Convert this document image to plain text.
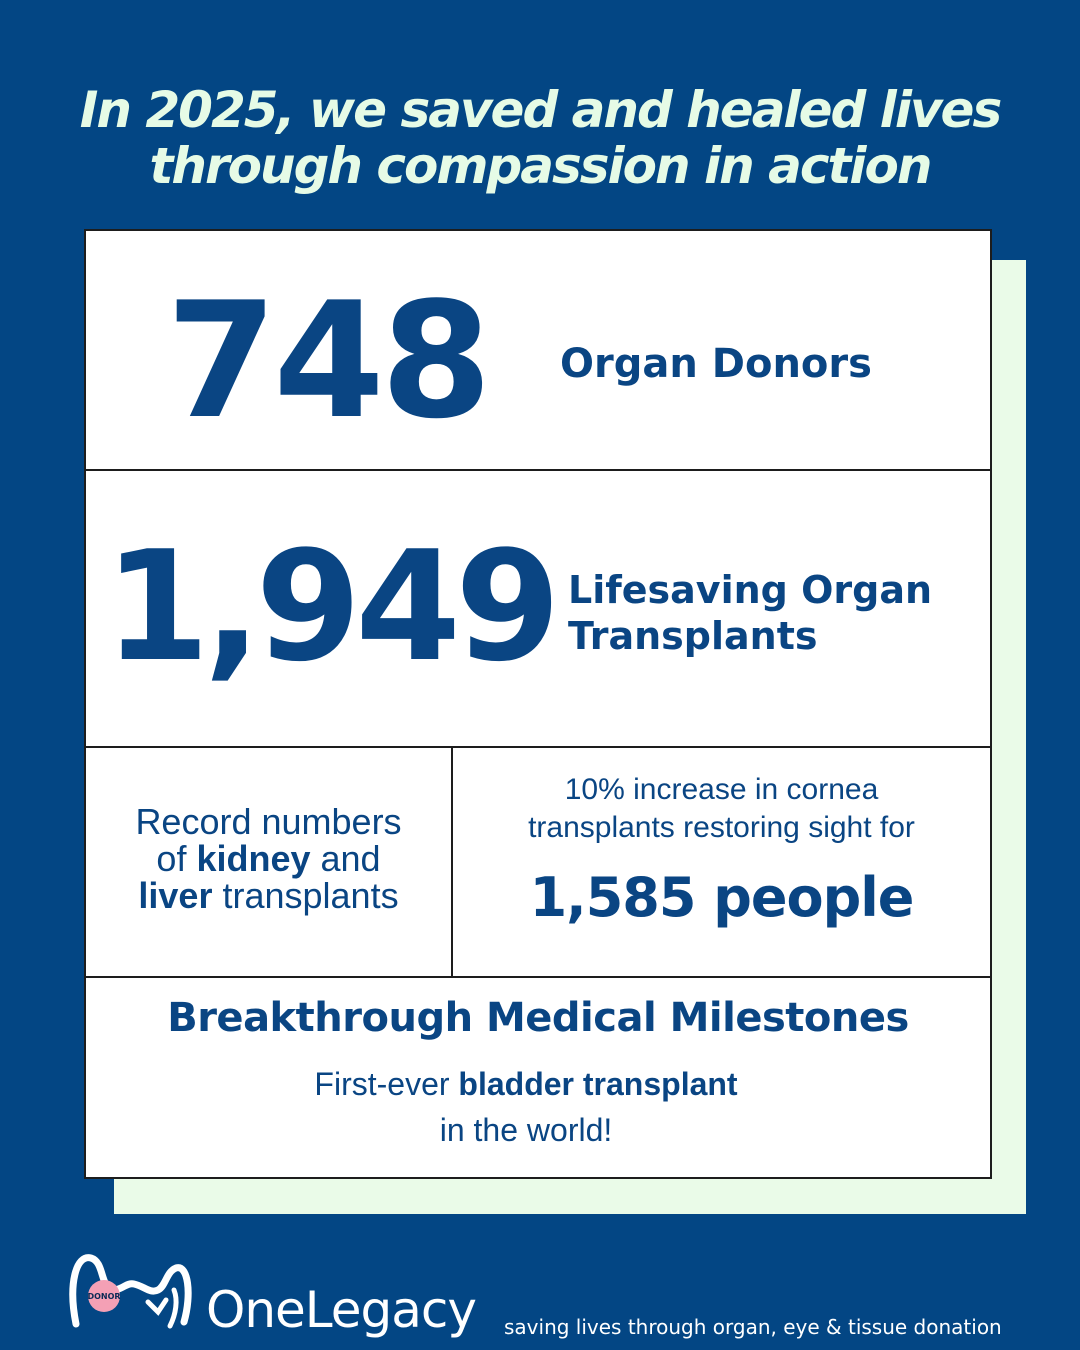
In 2025, we saved and healed lives
through compassion in action
748 Organ Donors
1,949 Lifesaving Organ
Transplants
Record numbers
of kidney and
liver transplants
10% increase in cornea
transplants restoring sight for
1,585 people
Breakthrough Medical Milestones
First-ever bladder transplant
in the world!
DONOR OneLegacy saving lives through organ, eye & tissue donation
